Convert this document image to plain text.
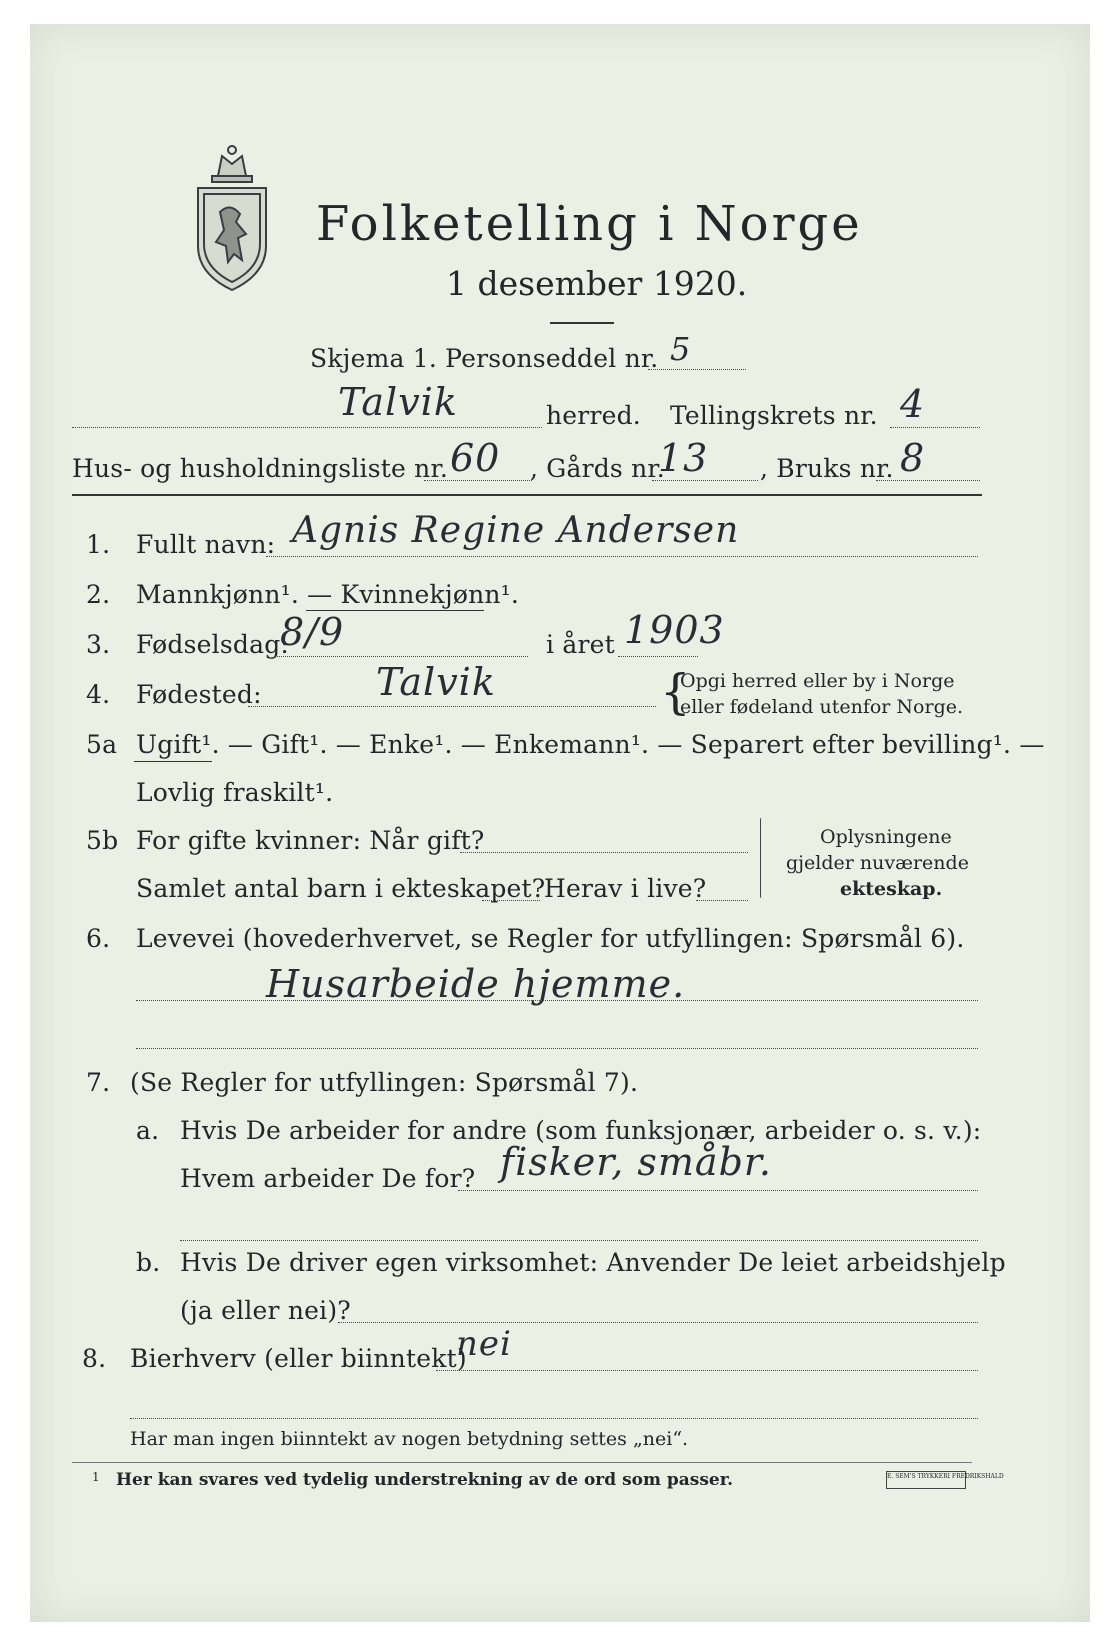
Folketelling i Norge
1 desember 1920.
Skjema 1. Personseddel nr. 5
Talvik	herred. Tellingskrets nr. 4
Hus- og husholdningsliste nr. 60 , Gårds nr.
13 , Bruks nr. 8
1.	Fullt navn: Agnis Regine Andersen
2.	Mannkjønn¹. — Kvinnekjønn¹.
3.	Fødselsdag:
8/9	i året 1903
4.	Fødested:	Talvik	{
Opgi herred eller by i Norge
eller fødeland utenfor Norge.
5a Ugift¹. — Gift¹. — Enke¹. — Enkemann¹. — Separert efter bevilling¹. —
Lovlig fraskilt¹.
5b For gifte kvinner: Når gift?
Samlet antal barn i ekteskapet?
Herav i live?
Oplysningene
gjelder nuværende
ekteskap.
6.	Levevei (hovederhvervet, se Regler for utfyllingen: Spørsmål 6).
Husarbeide hjemme.
7. (Se Regler for utfyllingen: Spørsmål 7).
a. Hvis De arbeider for andre (som funksjonær, arbeider o. s. v.):
Hvem arbeider De for? fisker, småbr.
b. Hvis De driver egen virksomhet: Anvender De leiet arbeidshjelp
(ja eller nei)?
8. Bierhverv (eller biinntekt)
nei
Har man ingen biinntekt av nogen betydning settes „nei“.
1 Her kan svares ved tydelig understrekning av de ord som passer.	E. SEM'S TRYKKERI FREDRIKSHALD
